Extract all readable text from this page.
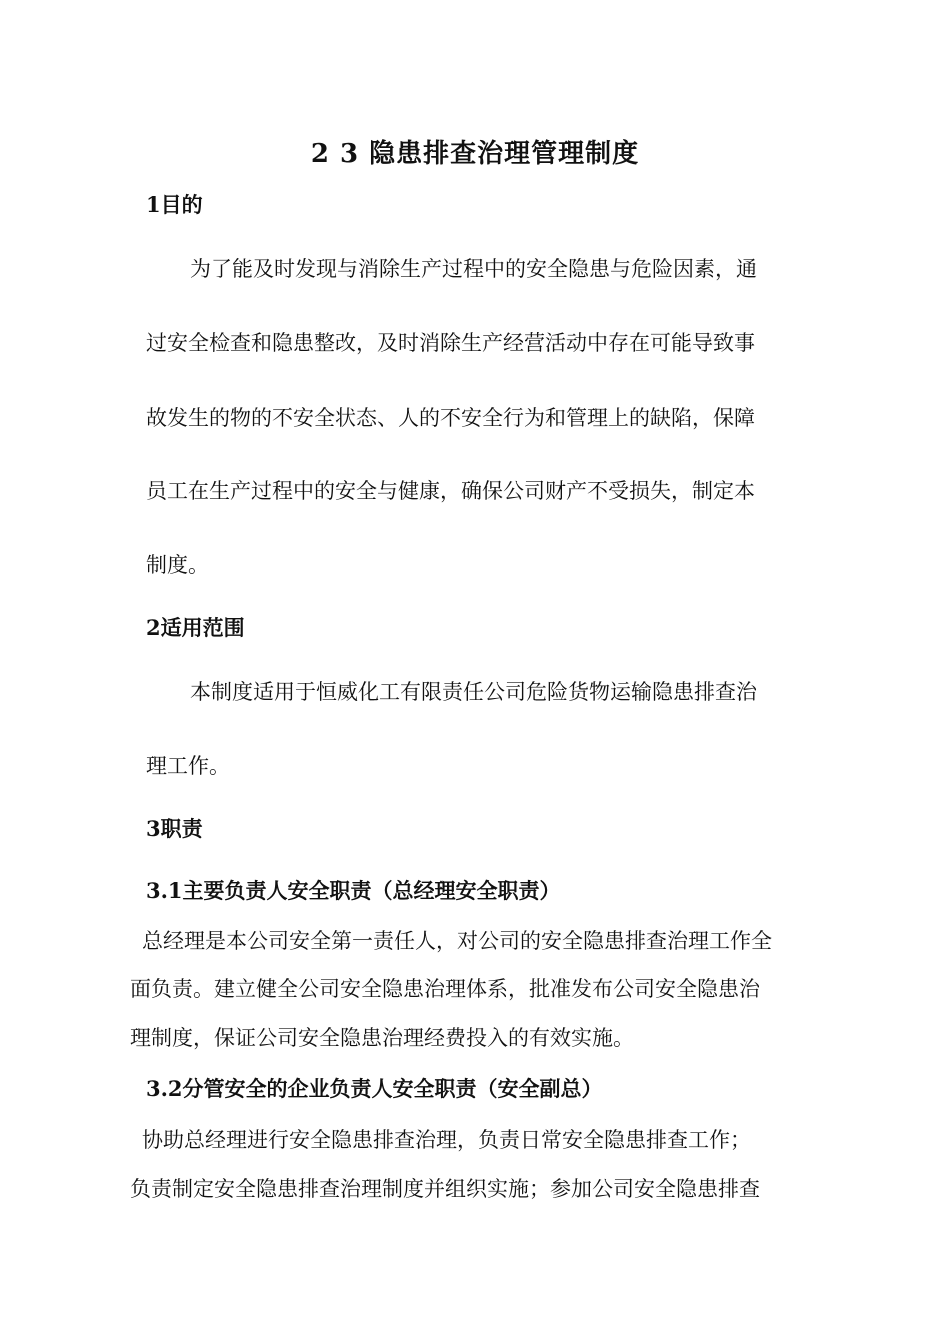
2 3 隐患排查治理管理制度
1目的
为了能及时发现与消除生产过程中的安全隐患与危险因素，通
过安全检查和隐患整改，及时消除生产经营活动中存在可能导致事
故发生的物的不安全状态、人的不安全行为和管理上的缺陷，保障
员工在生产过程中的安全与健康，确保公司财产不受损失，制定本
制度。
2适用范围
本制度适用于恒威化工有限责任公司危险货物运输隐患排查治
理工作。
3职责
3.1主要负责人安全职责（总经理安全职责）
总经理是本公司安全第一责任人，对公司的安全隐患排查治理工作全
面负责。建立健全公司安全隐患治理体系，批准发布公司安全隐患治
理制度，保证公司安全隐患治理经费投入的有效实施。
3.2分管安全的企业负责人安全职责（安全副总）
协助总经理进行安全隐患排查治理，负责日常安全隐患排查工作；
负责制定安全隐患排查治理制度并组织实施；参加公司安全隐患排查
